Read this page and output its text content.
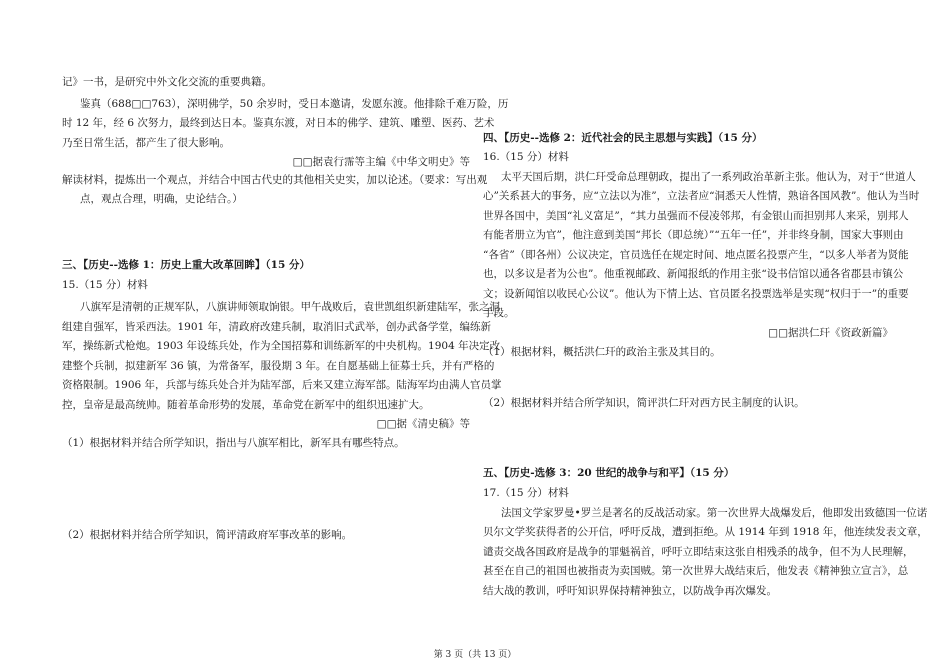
记》一书，是研究中外文化交流的重要典籍。
鉴真（688□□763），深明佛学，50 余岁时，受日本邀请，发愿东渡。他排除千难万险，历
时 12 年，经 6 次努力，最终到达日本。鉴真东渡，对日本的佛学、建筑、雕塑、医药、艺术
乃至日常生活，都产生了很大影响。
□□据袁行霈等主编《中华文明史》等
解读材料，提炼出一个观点，并结合中国古代史的其他相关史实，加以论述。（要求：写出观
点，观点合理，明确，史论结合。）
三、【历史--选修 1：历史上重大改革回眸】（15 分）
15.（15 分）材料
八旗军是清朝的正规军队，八旗讲师领取饷银。甲午战败后，袁世凯组织新建陆军，张之洞
组建自强军，皆采西法。1901 年，清政府改建兵制，取消旧式武举，创办武备学堂，编练新
军，操练新式枪炮。1903 年设练兵处，作为全国招募和训练新军的中央机构。1904 年决定改
建整个兵制，拟建新军 36 镇，为常备军，服役期 3 年。在自愿基础上征募士兵，并有严格的
资格限制。1906 年，兵部与练兵处合并为陆军部，后来又建立海军部。陆海军均由满人官员掌
控，皇帝是最高统帅。随着革命形势的发展，革命党在新军中的组织迅速扩大。
□□据《清史稿》等
（1）根据材料并结合所学知识，指出与八旗军相比，新军具有哪些特点。
（2）根据材料并结合所学知识，简评清政府军事改革的影响。
四、【历史--选修 2：近代社会的民主思想与实践】（15 分）
16.（15 分）材料
太平天国后期，洪仁玕受命总理朝政，提出了一系列政治革新主张。他认为，对于“世道人
心”关系甚大的事务，应“立法以为准”，立法者应“洞悉天人性情，熟谙各国风教”。他认为当时
世界各国中，美国“礼义富足”，“其力虽强而不侵凌邻邦，有金银山而担别邦人来采，别邦人
有能者册立为官”，他注意到美国“邦长（即总统）”“五年一任”，并非终身制，国家大事则由
“各省”（即各州）公议决定，官员选任在规定时间、地点匿名投票产生，“以多人举者为贤能
也，以多议是者为公也”。他重视邮政、新闻报纸的作用主张“设书信馆以通各省郡县市镇公
文；设新闻馆以收民心公议”。他认为下情上达、官员匿名投票选举是实现“权归于一”的重要
手段。
□□据洪仁玕《资政新篇》
（1）根据材料，概括洪仁玕的政治主张及其目的。
（2）根据材料并结合所学知识，简评洪仁玕对西方民主制度的认识。
五、【历史-选修 3：20 世纪的战争与和平】（15 分）
17.（15 分）材料
法国文学家罗曼•罗兰是著名的反战活动家。第一次世界大战爆发后，他即发出致德国一位诺
贝尔文学奖获得者的公开信，呼吁反战，遭到拒绝。从 1914 年到 1918 年，他连续发表文章，
谴责交战各国政府是战争的罪魁祸首，呼吁立即结束这张自相残杀的战争，但不为人民理解，
甚至在自己的祖国也被指责为卖国贼。第一次世界大战结束后，他发表《精神独立宣言》，总
结大战的教训，呼吁知识界保持精神独立，以防战争再次爆发。
第 3 页（共 13 页）
